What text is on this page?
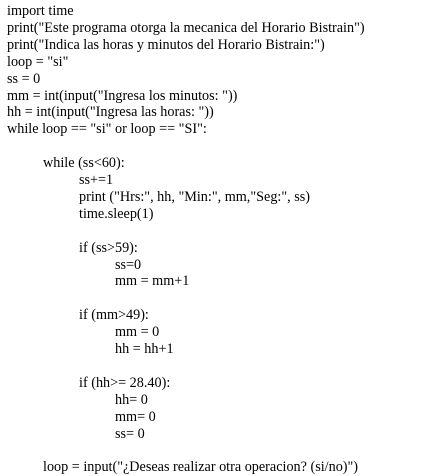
import time
print("Este programa otorga la mecanica del Horario Bistrain")
print("Indica las horas y minutos del Horario Bistrain:")
loop = "si"
ss = 0
mm = int(input("Ingresa los minutos: "))
hh = int(input("Ingresa las horas: "))
while loop == "si" or loop == "SI":
while (ss<60):
ss+=1
print ("Hrs:", hh, "Min:", mm,"Seg:", ss)
time.sleep(1)
if (ss>59):
ss=0
mm = mm+1
if (mm>49):
mm = 0
hh = hh+1
if (hh>= 28.40):
hh= 0
mm= 0
ss= 0
loop = input("¿Deseas realizar otra operacion? (si/no)")
